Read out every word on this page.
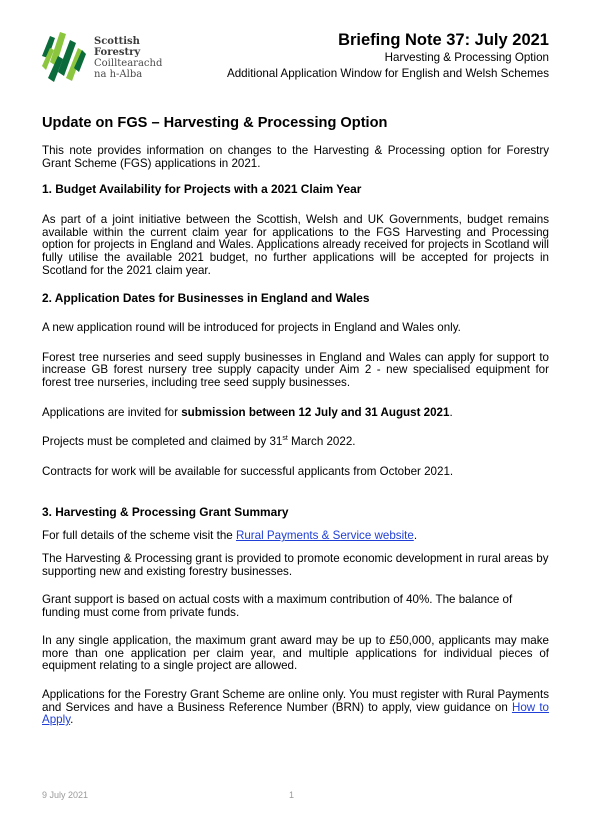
Scottish
Forestry
Coilltearachd
na h-Alba
Briefing Note 37: July 2021
Harvesting & Processing Option
Additional Application Window for English and Welsh Schemes
Update on FGS – Harvesting & Processing Option

This note provides information on changes to the Harvesting & Processing option for Forestry Grant Scheme (FGS) applications in 2021.

1. Budget Availability for Projects with a 2021 Claim Year

As part of a joint initiative between the Scottish, Welsh and UK Governments, budget remains available within the current claim year for applications to the FGS Harvesting and Processing option for projects in England and Wales. Applications already received for projects in Scotland will fully utilise the available 2021 budget, no further applications will be accepted for projects in Scotland for the 2021 claim year.

2. Application Dates for Businesses in England and Wales

A new application round will be introduced for projects in England and Wales only.

Forest tree nurseries and seed supply businesses in England and Wales can apply for support to increase GB forest nursery tree supply capacity under Aim 2 - new specialised equipment for forest tree nurseries, including tree seed supply businesses.

Applications are invited for submission between 12 July and 31 August 2021.

Projects must be completed and claimed by 31st March 2022.

Contracts for work will be available for successful applicants from October 2021.

3. Harvesting & Processing Grant Summary

For full details of the scheme visit the Rural Payments & Service website.

The Harvesting & Processing grant is provided to promote economic development in rural areas by supporting new and existing forestry businesses.

Grant support is based on actual costs with a maximum contribution of 40%. The balance of funding must come from private funds.

In any single application, the maximum grant award may be up to £50,000, applicants may make more than one application per claim year, and multiple applications for individual pieces of equipment relating to a single project are allowed.

Applications for the Forestry Grant Scheme are online only. You must register with Rural Payments and Services and have a Business Reference Number (BRN) to apply, view guidance on How to Apply.

9 July 2021	1
